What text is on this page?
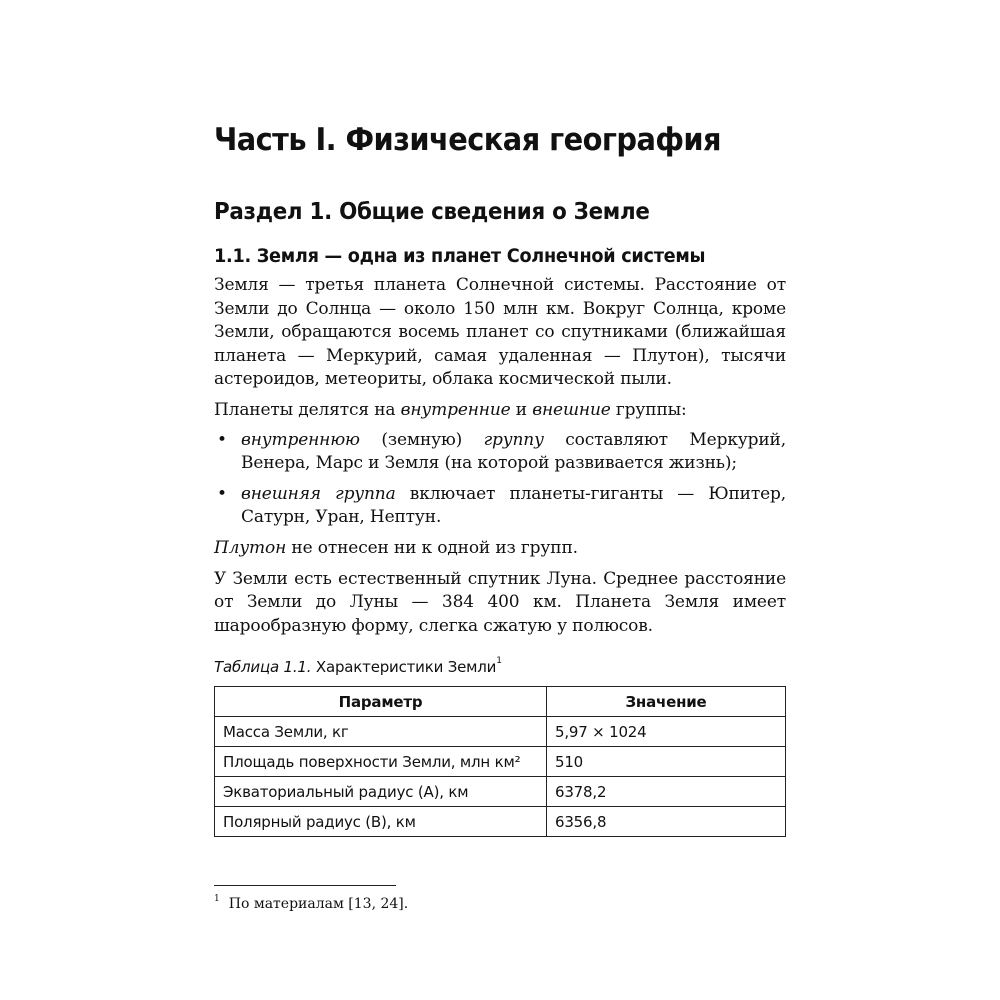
Часть I. Физическая география
Раздел 1. Общие сведения о Земле
1.1. Земля — одна из планет Солнечной системы

Земля — третья планета Солнечной системы. Расстояние от Земли до Солнца — около 150 млн км. Вокруг Солнца, кроме Земли, обращаются восемь планет со спутниками (ближайшая планета — Меркурий, самая удаленная — Плутон), тысячи астероидов, метеориты, облака космической пыли.

Планеты делятся на внутренние и внешние группы:

• внутреннюю (земную) группу составляют Меркурий, Венера, Марс и Земля (на которой развивается жизнь);
• внешняя группа включает планеты-гиганты — Юпитер, Сатурн, Уран, Нептун.

Плутон не отнесен ни к одной из групп.

У Земли есть естественный спутник Луна. Среднее расстояние от Земли до Луны — 384 400 км. Планета Земля имеет шарообразную форму, слегка сжатую у полюсов.

Таблица 1.1. Характеристики Земли$^1$
Параметр	Значение
Масса Земли, кг	5,97 × 1024
Площадь поверхности Земли, млн км²	510
Экваториальный радиус (А), км	6378,2
Полярный радиус (В), км	6356,8
$^1$ По материалам [13, 24].
